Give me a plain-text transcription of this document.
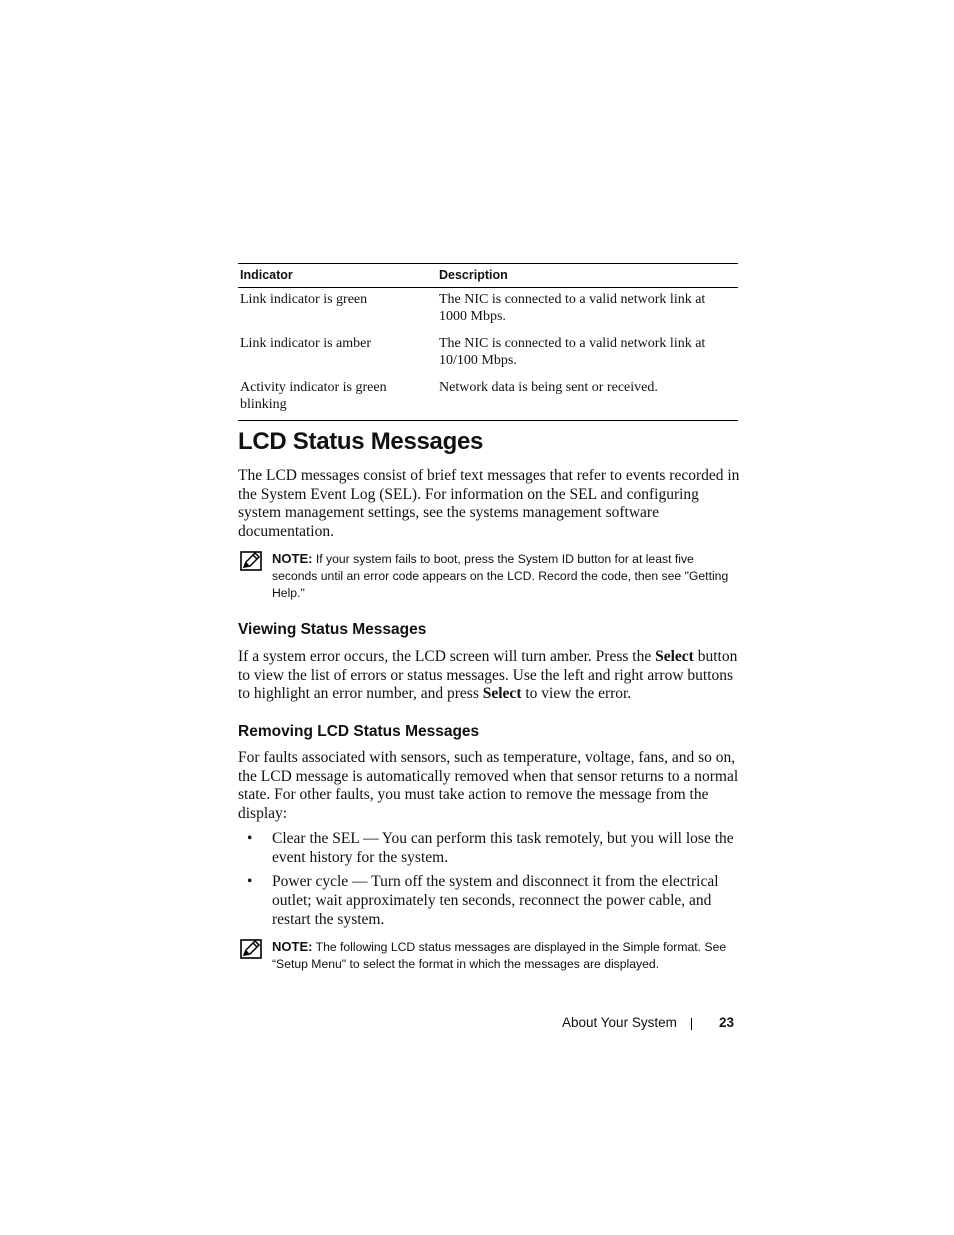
Indicator	Description
Link indicator is green	The NIC is connected to a valid network link at 1000 Mbps.
Link indicator is amber	The NIC is connected to a valid network link at 10/100 Mbps.
Activity indicator is green blinking	Network data is being sent or received.
LCD Status Messages

The LCD messages consist of brief text messages that refer to events recorded in the System Event Log (SEL). For information on the SEL and configuring system management settings, see the systems management software documentation.

NOTE: If your system fails to boot, press the System ID button for at least five seconds until an error code appears on the LCD. Record the code, then see "Getting Help."
Viewing Status Messages

If a system error occurs, the LCD screen will turn amber. Press the Select button to view the list of errors or status messages. Use the left and right arrow buttons to highlight an error number, and press Select to view the error.

Removing LCD Status Messages

For faults associated with sensors, such as temperature, voltage, fans, and so on, the LCD message is automatically removed when that sensor returns to a normal state. For other faults, you must take action to remove the message from the display:

• Clear the SEL — You can perform this task remotely, but you will lose the event history for the system.
• Power cycle — Turn off the system and disconnect it from the electrical outlet; wait approximately ten seconds, reconnect the power cable, and restart the system.
NOTE: The following LCD status messages are displayed in the Simple format. See “Setup Menu" to select the format in which the messages are displayed.
About Your System	23
